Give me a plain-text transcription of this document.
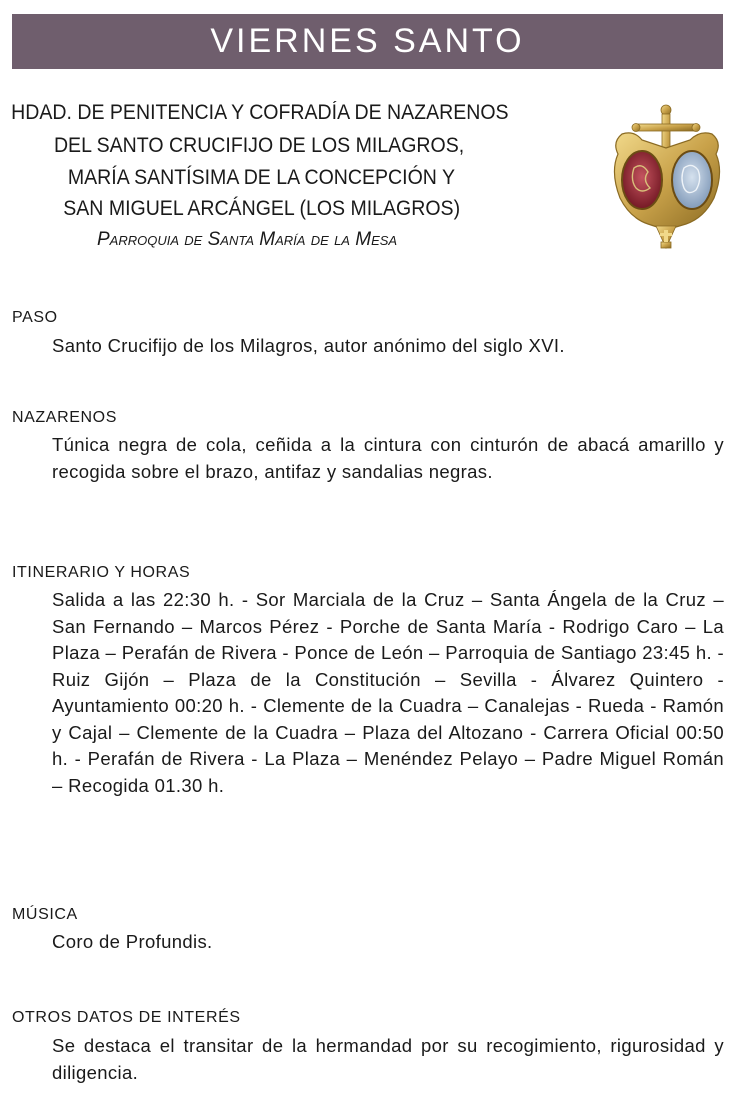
VIERNES SANTO
HDAD. DE PENITENCIA Y COFRADÍA DE NAZARENOS
DEL SANTO CRUCIFIJO DE LOS MILAGROS,
MARÍA SANTÍSIMA DE LA CONCEPCIÓN Y
SAN MIGUEL ARCÁNGEL (LOS MILAGROS)
Parroquia de Santa María de la Mesa
PASO
Santo Crucifijo de los Milagros, autor anónimo del siglo XVI.
NAZARENOS
Túnica negra de cola, ceñida a la cintura con cinturón de abacá amarillo y recogida sobre el brazo, antifaz y sandalias negras.
ITINERARIO Y HORAS
Salida a las 22:30 h. - Sor Marciala de la Cruz – Santa Ángela de la Cruz – San Fernando – Marcos Pérez - Porche de Santa María - Rodrigo Caro – La Plaza – Perafán de Rivera - Ponce de León – Parroquia de Santiago 23:45 h. - Ruiz Gijón – Plaza de la Constitución – Sevilla - Álvarez Quintero - Ayuntamiento 00:20 h. - Clemente de la Cuadra – Canalejas - Rueda - Ramón y Cajal – Clemente de la Cuadra – Plaza del Altozano - Carrera Oficial 00:50 h. - Perafán de Rivera - La Plaza – Menéndez Pelayo – Padre Miguel Román – Recogida 01.30 h.
MÚSICA
Coro de Profundis.
OTROS DATOS DE INTERÉS
Se destaca el transitar de la hermandad por su recogimiento, rigurosidad y diligencia.
